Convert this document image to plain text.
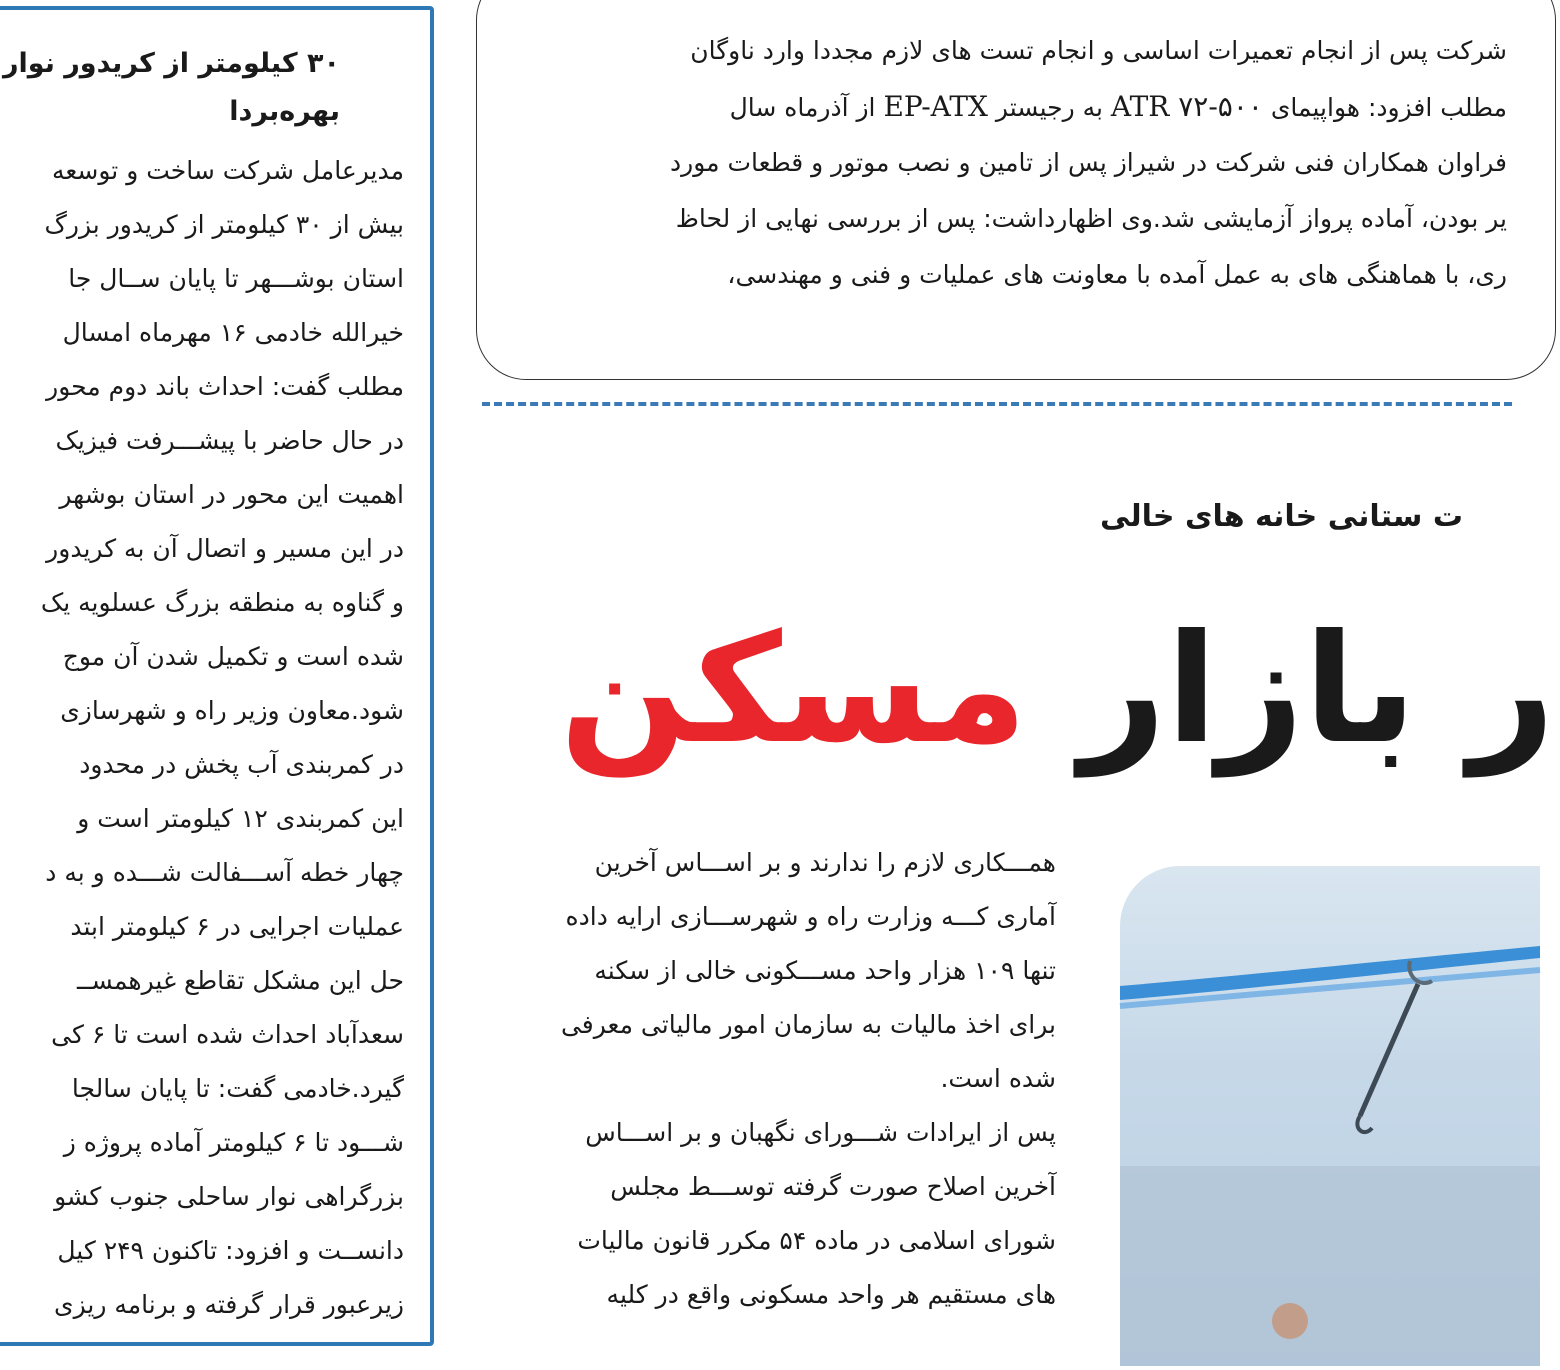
۳۰ کیلومتر از کریدور نوار
بهره‌بردا
مدیرعامل شرکت ساخت و توسعه
بیش از ۳۰ کیلومتر از کریدور بزرگ
استان بوشـــهر تا پایان ســال جا
خیرالله خادمی ۱۶ مهرماه امسال
مطلب گفت: احداث باند دوم محور
در حال حاضر با پیشـــرفت فیزیک
اهمیت این محور در استان بوشهر
در این مسیر و اتصال آن به کریدور
و گناوه به منطقه بزرگ عسلویه یک
شده است و تکمیل شدن آن موج
شود.معاون وزیر راه و شهرسازی
در کمربندی آب پخش در محدود
این کمربندی ۱۲ کیلومتر است و
چهار خطه آســـفالت شـــده و به د
عملیات اجرایی در ۶ کیلومتر ابتد
حل این مشکل تقاطع غیرهمســ
سعدآباد احداث شده است تا ۶ کی
گیرد.خادمی گفت: تا پایان سالجا
شـــود تا ۶ کیلومتر آماده پروژه ز
بزرگراهی نوار ساحلی جنوب کشو
دانســت و افزود: تاکنون ۲۴۹ کیل
زیرعبور قرار گرفته و برنامه ریزی
شرکت پس از انجام تعمیرات اساسی و انجام تست های لازم مجددا وارد ناوگان
مطلب افزود: هواپیمای ATR ۷۲-۵۰۰ به رجیستر EP-ATX از آذرماه سال
فراوان همکاران فنی شرکت در شیراز پس از تامین و نصب موتور و قطعات مورد
یر بودن، آماده پرواز آزمایشی شد.وی اظهارداشت: پس از بررسی نهایی از لحاظ
ری، با هماهنگی های به عمل آمده با معاونت های عملیات و فنی و مهندسی،
ت ستانی خانه های خالی
ر بازار مسکن
همـــکاری لازم را ندارند و بر اســـاس آخرین
آماری کـــه وزارت راه و شهرســـازی ارایه داده
تنها ۱۰۹ هزار واحد مســـکونی خالی از سکنه
برای اخذ مالیات به سازمان امور مالیاتی معرفی
شده است.
پس از ایرادات شـــورای نگهبان و بر اســـاس
آخرین اصلاح صورت گرفته توســـط مجلس
شورای اسلامی در ماده ۵۴ مکرر قانون مالیات
های مستقیم هر واحد مسکونی واقع در کلیه
